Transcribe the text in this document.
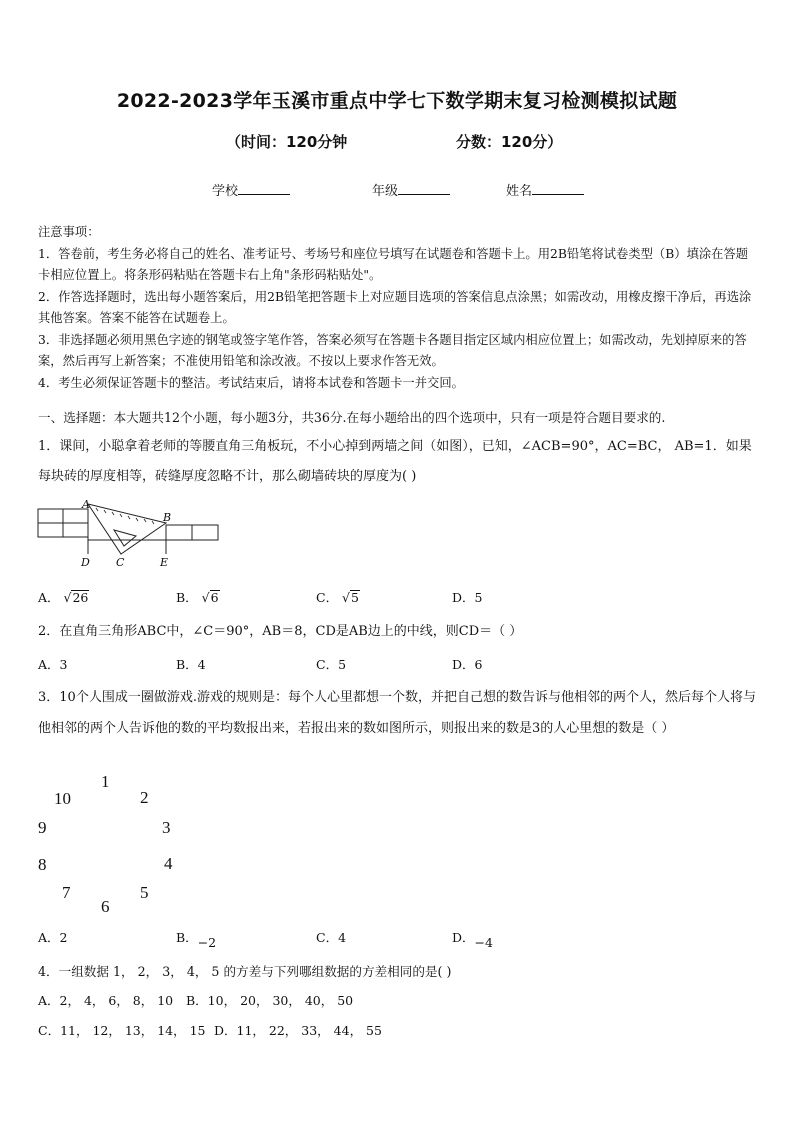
2022-2023学年玉溪市重点中学七下数学期末复习检测模拟试题
（时间：120分钟	分数：120分）
学校	年级	姓名
注意事项：
1．答卷前，考生务必将自己的姓名、准考证号、考场号和座位号填写在试题卷和答题卡上。用2B铅笔将试卷类型（B）填涂在答题卡相应位置上。将条形码粘贴在答题卡右上角"条形码粘贴处"。
2．作答选择题时，选出每小题答案后，用2B铅笔把答题卡上对应题目选项的答案信息点涂黑；如需改动，用橡皮擦干净后，再选涂其他答案。答案不能答在试题卷上。
3．非选择题必须用黑色字迹的钢笔或签字笔作答，答案必须写在答题卡各题目指定区域内相应位置上；如需改动，先划掉原来的答案，然后再写上新答案；不准使用铅笔和涂改液。不按以上要求作答无效。
4．考生必须保证答题卡的整洁。考试结束后，请将本试卷和答题卡一并交回。
一、选择题：本大题共12个小题，每小题3分，共36分.在每小题给出的四个选项中，只有一项是符合题目要求的.
1．课间，小聪拿着老师的等腰直角三角板玩，不小心掉到两墙之间（如图），已知，∠ACB=90°，AC=BC， AB=1．如果每块砖的厚度相等，砖缝厚度忽略不计，那么砌墙砖块的厚度为( )
A
B
D C	E
A． √26	B． √6	C． √5	D．5
2．在直角三角形ABC中，∠C＝90°，AB＝8，CD是AB边上的中线，则CD＝（ ）
A．3	B．4	C．5	D．6
3．10个人围成一圈做游戏.游戏的规则是：每个人心里都想一个数，并把自己想的数告诉与他相邻的两个人，然后每个人将与他相邻的两个人告诉他的数的平均数报出来，若报出来的数如图所示，则报出来的数是3的人心里想的数是（ ）
1
2
3
4
5
6
7
8
9
10
A．2	B．−2	C．4	D．−4
4．一组数据 1， 2， 3， 4， 5 的方差与下列哪组数据的方差相同的是( )
A．2， 4， 6， 8， 10 B．10， 20， 30， 40， 50
C．11， 12， 13， 14， 15 D．11， 22， 33， 44， 55
